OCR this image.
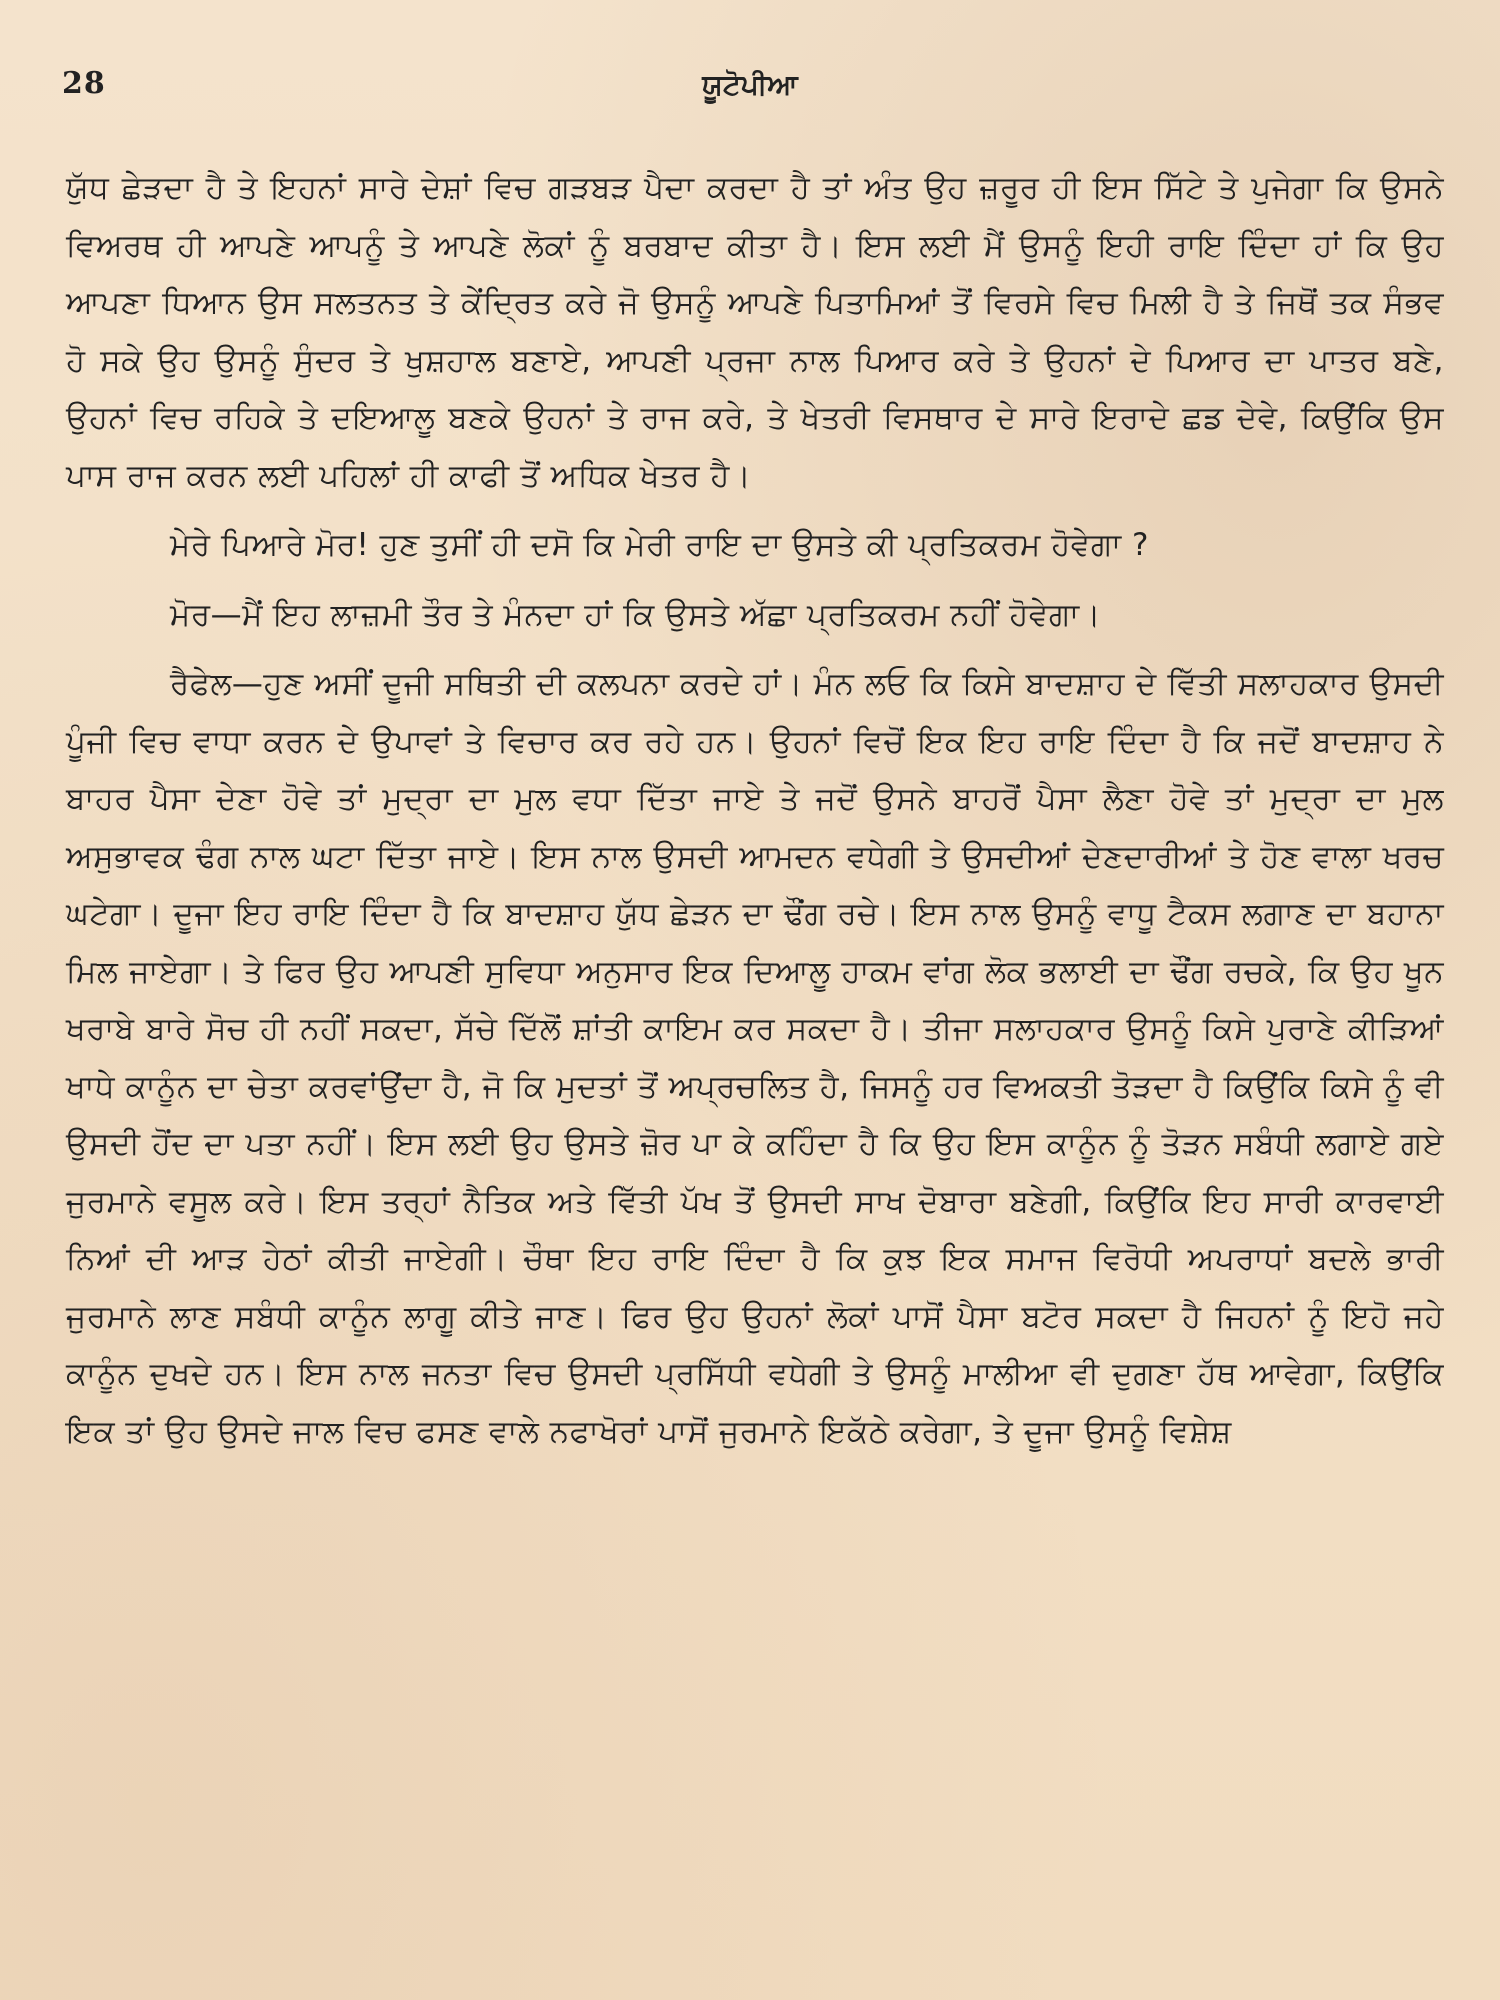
28	ਯੂਟੋਪੀਆ

ਯੁੱਧ ਛੇੜਦਾ ਹੈ ਤੇ ਇਹਨਾਂ ਸਾਰੇ ਦੇਸ਼ਾਂ ਵਿਚ ਗੜਬੜ ਪੈਦਾ ਕਰਦਾ ਹੈ ਤਾਂ ਅੰਤ ਉਹ ਜ਼ਰੂਰ ਹੀ ਇਸ ਸਿੱਟੇ ਤੇ ਪੁਜੇਗਾ ਕਿ ਉਸਨੇ ਵਿਅਰਥ ਹੀ ਆਪਣੇ ਆਪਨੂੰ ਤੇ ਆਪਣੇ ਲੋਕਾਂ ਨੂੰ ਬਰਬਾਦ ਕੀਤਾ ਹੈ। ਇਸ ਲਈ ਮੈਂ ਉਸਨੂੰ ਇਹੀ ਰਾਇ ਦਿੰਦਾ ਹਾਂ ਕਿ ਉਹ ਆਪਣਾ ਧਿਆਨ ਉਸ ਸਲਤਨਤ ਤੇ ਕੇਂਦ੍ਰਿਤ ਕਰੇ ਜੋ ਉਸਨੂੰ ਆਪਣੇ ਪਿਤਾਮਿਆਂ ਤੋਂ ਵਿਰਸੇ ਵਿਚ ਮਿਲੀ ਹੈ ਤੇ ਜਿਥੋਂ ਤਕ ਸੰਭਵ ਹੋ ਸਕੇ ਉਹ ਉਸਨੂੰ ਸੁੰਦਰ ਤੇ ਖੁਸ਼ਹਾਲ ਬਣਾਏ, ਆਪਣੀ ਪ੍ਰਜਾ ਨਾਲ ਪਿਆਰ ਕਰੇ ਤੇ ਉਹਨਾਂ ਦੇ ਪਿਆਰ ਦਾ ਪਾਤਰ ਬਣੇ, ਉਹਨਾਂ ਵਿਚ ਰਹਿਕੇ ਤੇ ਦਇਆਲੂ ਬਣਕੇ ਉਹਨਾਂ ਤੇ ਰਾਜ ਕਰੇ, ਤੇ ਖੇਤਰੀ ਵਿਸਥਾਰ ਦੇ ਸਾਰੇ ਇਰਾਦੇ ਛਡ ਦੇਵੇ, ਕਿਉਂਕਿ ਉਸ ਪਾਸ ਰਾਜ ਕਰਨ ਲਈ ਪਹਿਲਾਂ ਹੀ ਕਾਫੀ ਤੋਂ ਅਧਿਕ ਖੇਤਰ ਹੈ।

ਮੇਰੇ ਪਿਆਰੇ ਮੋਰ! ਹੁਣ ਤੁਸੀਂ ਹੀ ਦਸੋ ਕਿ ਮੇਰੀ ਰਾਇ ਦਾ ਉਸਤੇ ਕੀ ਪ੍ਰਤਿਕਰਮ ਹੋਵੇਗਾ ?

ਮੋਰ—ਮੈਂ ਇਹ ਲਾਜ਼ਮੀ ਤੌਰ ਤੇ ਮੰਨਦਾ ਹਾਂ ਕਿ ਉਸਤੇ ਅੱਛਾ ਪ੍ਰਤਿਕਰਮ ਨਹੀਂ ਹੋਵੇਗਾ।

ਰੈਫੇਲ—ਹੁਣ ਅਸੀਂ ਦੂਜੀ ਸਥਿਤੀ ਦੀ ਕਲਪਨਾ ਕਰਦੇ ਹਾਂ। ਮੰਨ ਲਓ ਕਿ ਕਿਸੇ ਬਾਦਸ਼ਾਹ ਦੇ ਵਿੱਤੀ ਸਲਾਹਕਾਰ ਉਸਦੀ ਪੂੰਜੀ ਵਿਚ ਵਾਧਾ ਕਰਨ ਦੇ ਉਪਾਵਾਂ ਤੇ ਵਿਚਾਰ ਕਰ ਰਹੇ ਹਨ। ਉਹਨਾਂ ਵਿਚੋਂ ਇਕ ਇਹ ਰਾਇ ਦਿੰਦਾ ਹੈ ਕਿ ਜਦੋਂ ਬਾਦਸ਼ਾਹ ਨੇ ਬਾਹਰ ਪੈਸਾ ਦੇਣਾ ਹੋਵੇ ਤਾਂ ਮੁਦ੍ਰਾ ਦਾ ਮੁਲ ਵਧਾ ਦਿੱਤਾ ਜਾਏ ਤੇ ਜਦੋਂ ਉਸਨੇ ਬਾਹਰੋਂ ਪੈਸਾ ਲੈਣਾ ਹੋਵੇ ਤਾਂ ਮੁਦ੍ਰਾ ਦਾ ਮੁਲ ਅਸੁਭਾਵਕ ਢੰਗ ਨਾਲ ਘਟਾ ਦਿੱਤਾ ਜਾਏ। ਇਸ ਨਾਲ ਉਸਦੀ ਆਮਦਨ ਵਧੇਗੀ ਤੇ ਉਸਦੀਆਂ ਦੇਣਦਾਰੀਆਂ ਤੇ ਹੋਣ ਵਾਲਾ ਖਰਚ ਘਟੇਗਾ। ਦੂਜਾ ਇਹ ਰਾਇ ਦਿੰਦਾ ਹੈ ਕਿ ਬਾਦਸ਼ਾਹ ਯੁੱਧ ਛੇੜਨ ਦਾ ਢੌਂਗ ਰਚੇ। ਇਸ ਨਾਲ ਉਸਨੂੰ ਵਾਧੂ ਟੈਕਸ ਲਗਾਣ ਦਾ ਬਹਾਨਾ ਮਿਲ ਜਾਏਗਾ। ਤੇ ਫਿਰ ਉਹ ਆਪਣੀ ਸੁਵਿਧਾ ਅਨੁਸਾਰ ਇਕ ਦਿਆਲੂ ਹਾਕਮ ਵਾਂਗ ਲੋਕ ਭਲਾਈ ਦਾ ਢੌਂਗ ਰਚਕੇ, ਕਿ ਉਹ ਖੂਨ ਖਰਾਬੇ ਬਾਰੇ ਸੋਚ ਹੀ ਨਹੀਂ ਸਕਦਾ, ਸੱਚੇ ਦਿੱਲੋਂ ਸ਼ਾਂਤੀ ਕਾਇਮ ਕਰ ਸਕਦਾ ਹੈ। ਤੀਜਾ ਸਲਾਹਕਾਰ ਉਸਨੂੰ ਕਿਸੇ ਪੁਰਾਣੇ ਕੀੜਿਆਂ ਖਾਧੇ ਕਾਨੂੰਨ ਦਾ ਚੇਤਾ ਕਰਵਾਂਉਂਦਾ ਹੈ, ਜੋ ਕਿ ਮੁਦਤਾਂ ਤੋਂ ਅਪ੍ਰਚਲਿਤ ਹੈ, ਜਿਸਨੂੰ ਹਰ ਵਿਅਕਤੀ ਤੋੜਦਾ ਹੈ ਕਿਉਂਕਿ ਕਿਸੇ ਨੂੰ ਵੀ ਉਸਦੀ ਹੋਂਦ ਦਾ ਪਤਾ ਨਹੀਂ। ਇਸ ਲਈ ਉਹ ਉਸਤੇ ਜ਼ੋਰ ਪਾ ਕੇ ਕਹਿੰਦਾ ਹੈ ਕਿ ਉਹ ਇਸ ਕਾਨੂੰਨ ਨੂੰ ਤੋੜਨ ਸਬੰਧੀ ਲਗਾਏ ਗਏ ਜੁਰਮਾਨੇ ਵਸੂਲ ਕਰੇ। ਇਸ ਤਰ੍ਹਾਂ ਨੈਤਿਕ ਅਤੇ ਵਿੱਤੀ ਪੱਖ ਤੋਂ ਉਸਦੀ ਸਾਖ ਦੋਬਾਰਾ ਬਣੇਗੀ, ਕਿਉਂਕਿ ਇਹ ਸਾਰੀ ਕਾਰਵਾਈ ਨਿਆਂ ਦੀ ਆੜ ਹੇਠਾਂ ਕੀਤੀ ਜਾਏਗੀ। ਚੌਥਾ ਇਹ ਰਾਇ ਦਿੰਦਾ ਹੈ ਕਿ ਕੁਝ ਇਕ ਸਮਾਜ ਵਿਰੋਧੀ ਅਪਰਾਧਾਂ ਬਦਲੇ ਭਾਰੀ ਜੁਰਮਾਨੇ ਲਾਣ ਸਬੰਧੀ ਕਾਨੂੰਨ ਲਾਗੂ ਕੀਤੇ ਜਾਣ। ਫਿਰ ਉਹ ਉਹਨਾਂ ਲੋਕਾਂ ਪਾਸੋਂ ਪੈਸਾ ਬਟੋਰ ਸਕਦਾ ਹੈ ਜਿਹਨਾਂ ਨੂੰ ਇਹੋ ਜਹੇ ਕਾਨੂੰਨ ਦੁਖਦੇ ਹਨ। ਇਸ ਨਾਲ ਜਨਤਾ ਵਿਚ ਉਸਦੀ ਪ੍ਰਸਿੱਧੀ ਵਧੇਗੀ ਤੇ ਉਸਨੂੰ ਮਾਲੀਆ ਵੀ ਦੁਗਣਾ ਹੱਥ ਆਵੇਗਾ, ਕਿਉਂਕਿ ਇਕ ਤਾਂ ਉਹ ਉਸਦੇ ਜਾਲ ਵਿਚ ਫਸਣ ਵਾਲੇ ਨਫਾਖੋਰਾਂ ਪਾਸੋਂ ਜੁਰਮਾਨੇ ਇਕੱਠੇ ਕਰੇਗਾ, ਤੇ ਦੂਜਾ ਉਸਨੂੰ ਵਿਸ਼ੇਸ਼
